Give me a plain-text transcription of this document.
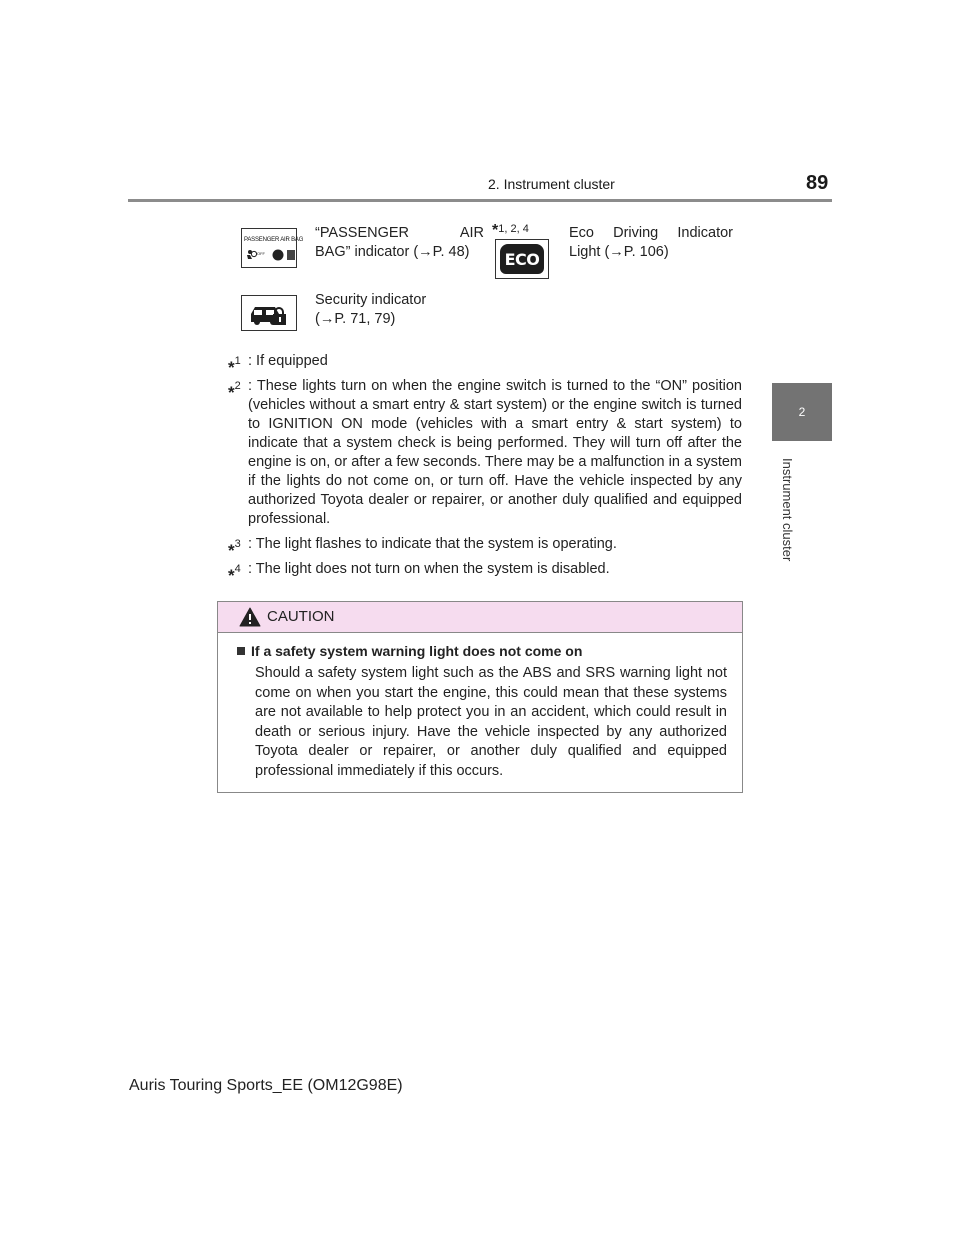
2. Instrument cluster	89
2
Instrument cluster
PASSENGER AIR BAG
OFF
“PASSENGER AIR
BAG” indicator (→P. 48)
*1, 2, 4
ECO
Eco Driving Indicator
Light (→P. 106)
Security indicator
(→P. 71, 79)
*$^1$ : If equipped
*$^2$ : These lights turn on when the engine switch is turned to the “ON” position (vehicles without a smart entry & start system) or the engine switch is turned to IGNITION ON mode (vehicles with a smart entry & start system) to indicate that a system check is being performed. They will turn off after the engine is on, or after a few seconds. There may be a malfunction in a system if the lights do not come on, or turn off. Have the vehicle inspected by any authorized Toyota dealer or repairer, or another duly qualified and equipped professional.
*$^3$ : The light flashes to indicate that the system is operating.
*$^4$ : The light does not turn on when the system is disabled.
CAUTION
If a safety system warning light does not come on
Should a safety system light such as the ABS and SRS warning light not come on when you start the engine, this could mean that these systems are not available to help protect you in an accident, which could result in death or serious injury. Have the vehicle inspected by any authorized Toyota dealer or repairer, or another duly qualified and equipped professional immediately if this occurs.
Auris Touring Sports_EE (OM12G98E)
